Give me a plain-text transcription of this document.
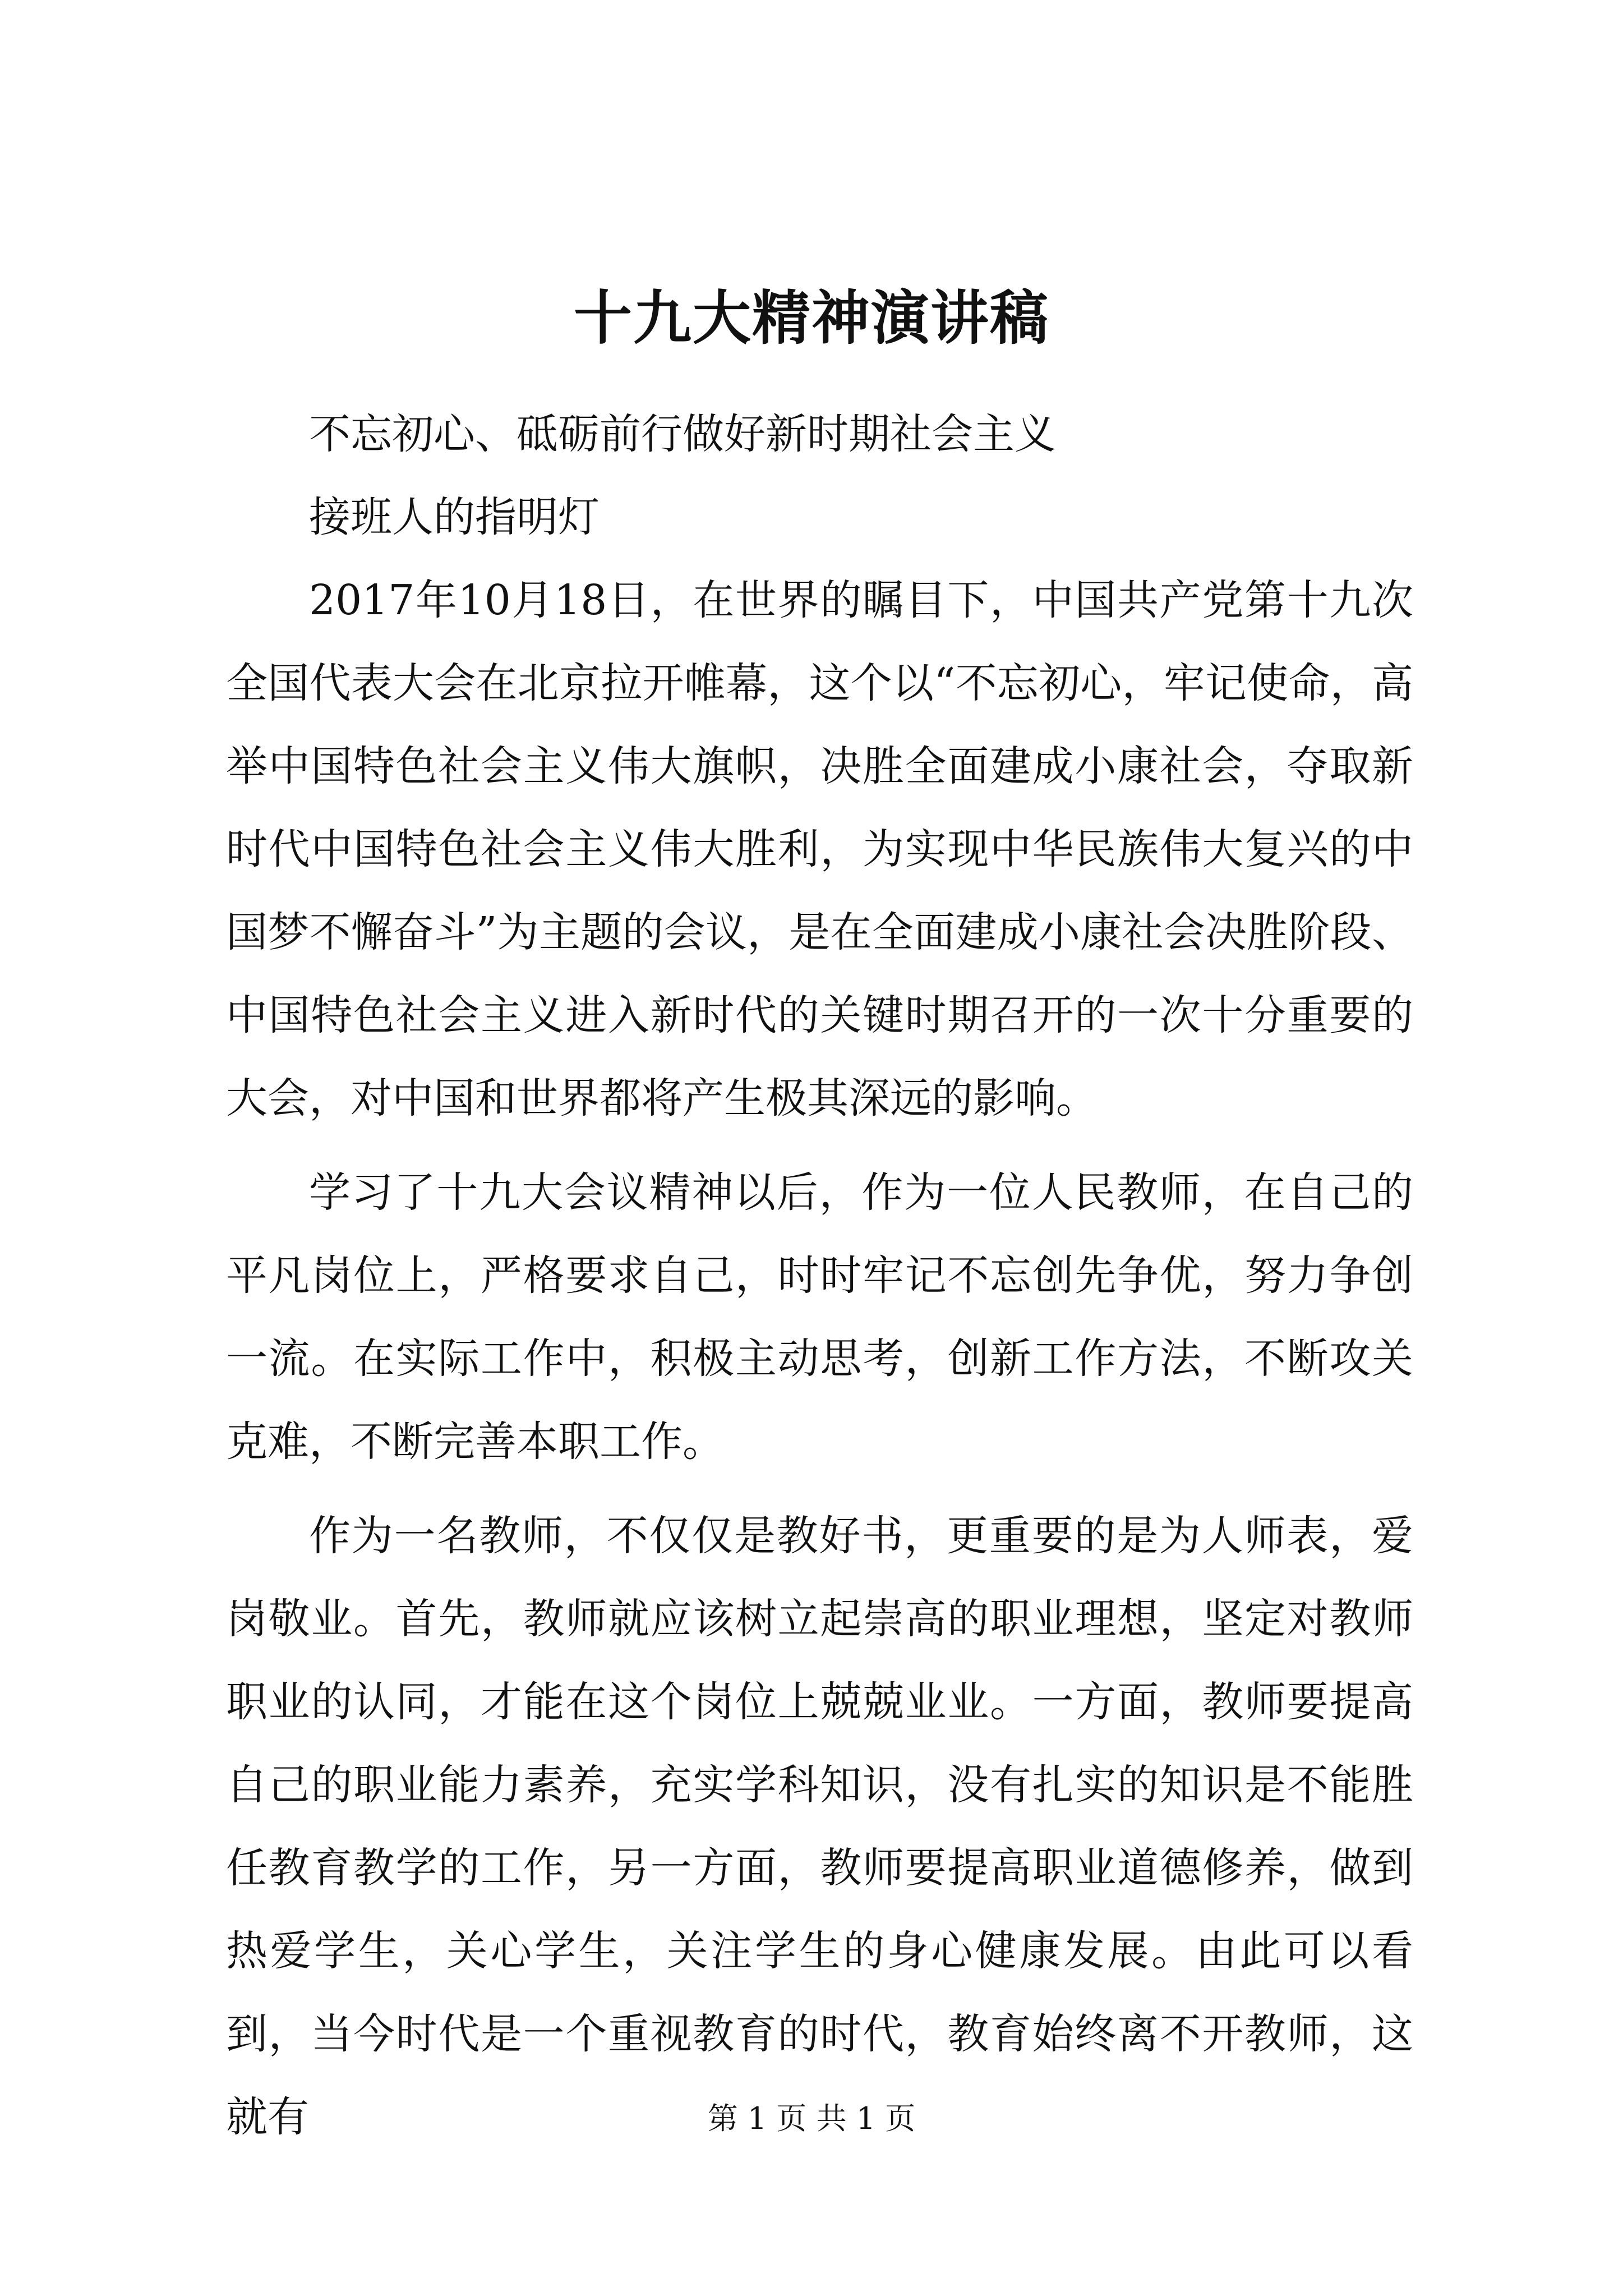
十九大精神演讲稿

不忘初心、砥砺前行做好新时期社会主义

接班人的指明灯

2017年10月18日，在世界的瞩目下，中国共产党第十九次全国代表大会在北京拉开帷幕，这个以“不忘初心，牢记使命，高举中国特色社会主义伟大旗帜，决胜全面建成小康社会，夺取新时代中国特色社会主义伟大胜利，为实现中华民族伟大复兴的中国梦不懈奋斗”为主题的会议，是在全面建成小康社会决胜阶段、中国特色社会主义进入新时代的关键时期召开的一次十分重要的大会，对中国和世界都将产生极其深远的影响。

学习了十九大会议精神以后，作为一位人民教师，在自己的平凡岗位上，严格要求自己，时时牢记不忘创先争优，努力争创一流。在实际工作中，积极主动思考，创新工作方法，不断攻关克难，不断完善本职工作。

作为一名教师，不仅仅是教好书，更重要的是为人师表，爱岗敬业。首先，教师就应该树立起崇高的职业理想，坚定对教师职业的认同，才能在这个岗位上兢兢业业。一方面，教师要提高自己的职业能力素养，充实学科知识，没有扎实的知识是不能胜任教育教学的工作，另一方面，教师要提高职业道德修养，做到热爱学生，关心学生，关注学生的身心健康发展。由此可以看到，当今时代是一个重视教育的时代，教育始终离不开教师，这就有	第 1 页 共 1 页
